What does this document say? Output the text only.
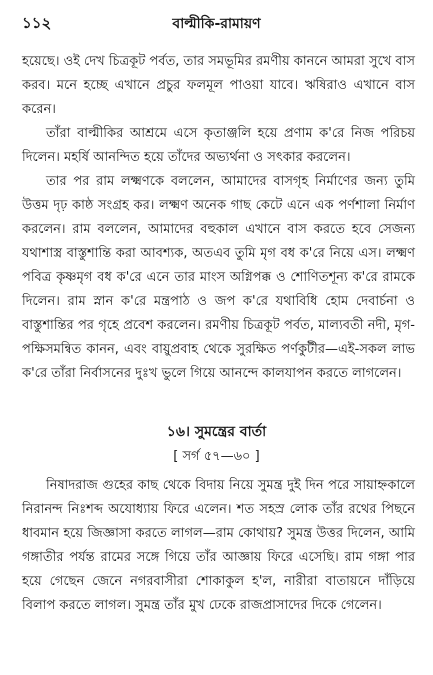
১১২	বাল্মীকি-রামায়ণ

হয়েছে। ওই দেখ চিত্রকূট পর্বত, তার সমভূমির রমণীয় কাননে আমরা সুখে বাস করব। মনে হচ্ছে এখানে প্রচুর ফলমূল পাওয়া যাবে। ঋষিরাও এখানে বাস করেন।

তাঁরা বাল্মীকির আশ্রমে এসে কৃতাঞ্জলি হয়ে প্রণাম ক'রে নিজ পরিচয় দিলেন। মহর্ষি আনন্দিত হয়ে তাঁদের অভ্যর্থনা ও সৎকার করলেন।

তার পর রাম লক্ষ্মণকে বললেন, আমাদের বাসগৃহ নির্মাণের জন্য তুমি উত্তম দৃঢ় কাষ্ঠ সংগ্রহ কর। লক্ষ্মণ অনেক গাছ কেটে এনে এক পর্ণশালা নির্মাণ করলেন। রাম বললেন, আমাদের বহুকাল এখানে বাস করতে হবে সেজন্য যথাশাস্ত্র বাস্তুশান্তি করা আবশ্যক, অতএব তুমি মৃগ বধ ক'রে নিয়ে এস। লক্ষ্মণ পবিত্র কৃষ্ণমৃগ বধ ক'রে এনে তার মাংস অগ্নিপক্ক ও শোণিতশূন্য ক'রে রামকে দিলেন। রাম স্নান ক'রে মন্ত্রপাঠ ও জপ ক'রে যথাবিধি হোম দেবার্চনা ও বাস্তুশান্তির পর গৃহে প্রবেশ করলেন। রমণীয় চিত্রকূট পর্বত, মাল্যবতী নদী, মৃগ-পক্ষিসমন্বিত কানন, এবং বায়ুপ্রবাহ থেকে সুরক্ষিত পর্ণকুটীর—এই-সকল লাভ ক'রে তাঁরা নির্বাসনের দুঃখ ভুলে গিয়ে আনন্দে কালযাপন করতে লাগলেন।

১৬। সুমন্ত্রের বার্তা
[ সর্গ ৫৭—৬০ ]

নিষাদরাজ গুহের কাছ থেকে বিদায় নিয়ে সুমন্ত্র দুই দিন পরে সায়াহ্নকালে নিরানন্দ নিঃশব্দ অযোধ্যায় ফিরে এলেন। শত সহস্র লোক তাঁর রথের পিছনে ধাবমান হয়ে জিজ্ঞাসা করতে লাগল—রাম কোথায়? সুমন্ত্র উত্তর দিলেন, আমি গঙ্গাতীর পর্যন্ত রামের সঙ্গে গিয়ে তাঁর আজ্ঞায় ফিরে এসেছি। রাম গঙ্গা পার হয়ে গেছেন জেনে নগরবাসীরা শোকাকুল হ'ল, নারীরা বাতায়নে দাঁড়িয়ে বিলাপ করতে লাগল। সুমন্ত্র তাঁর মুখ ঢেকে রাজপ্রাসাদের দিকে গেলেন।
